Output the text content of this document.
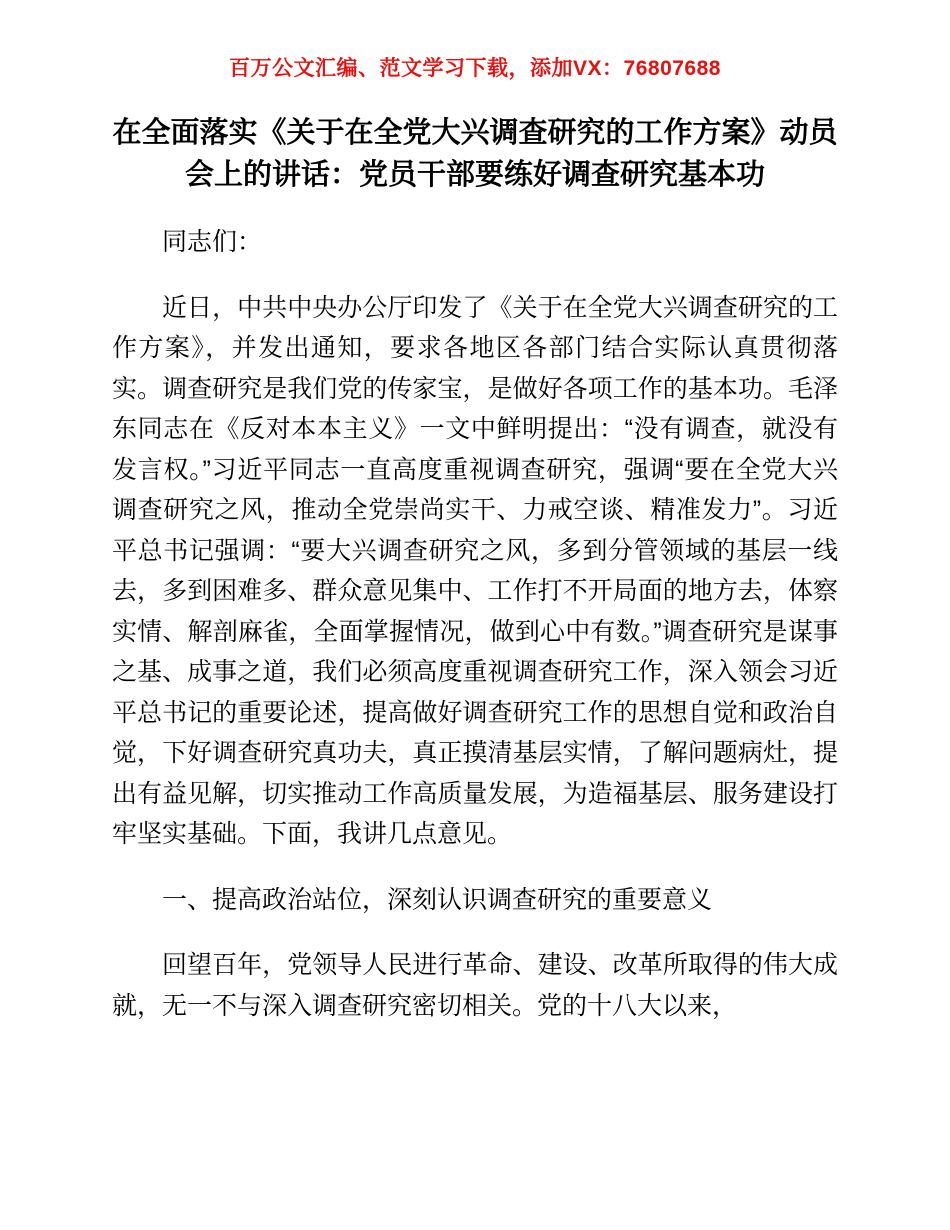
百万公文汇编、范文学习下载，添加VX：76807688
在全面落实《关于在全党大兴调查研究的工作方案》动员会上的讲话：党员干部要练好调查研究基本功

同志们：

近日，中共中央办公厅印发了《关于在全党大兴调查研究的工作方案》，并发出通知，要求各地区各部门结合实际认真贯彻落实。调查研究是我们党的传家宝，是做好各项工作的基本功。毛泽东同志在《反对本本主义》一文中鲜明提出：“没有调查，就没有发言权。”习近平同志一直高度重视调查研究，强调“要在全党大兴调查研究之风，推动全党崇尚实干、力戒空谈、精准发力”。习近平总书记强调：“要大兴调查研究之风，多到分管领域的基层一线去，多到困难多、群众意见集中、工作打不开局面的地方去，体察实情、解剖麻雀，全面掌握情况，做到心中有数。”调查研究是谋事之基、成事之道，我们必须高度重视调查研究工作，深入领会习近平总书记的重要论述，提高做好调查研究工作的思想自觉和政治自觉，下好调查研究真功夫，真正摸清基层实情，了解问题病灶，提出有益见解，切实推动工作高质量发展，为造福基层、服务建设打牢坚实基础。下面，我讲几点意见。

一、提高政治站位，深刻认识调查研究的重要意义

回望百年，党领导人民进行革命、建设、改革所取得的伟大成就，无一不与深入调查研究密切相关。党的十八大以来，
